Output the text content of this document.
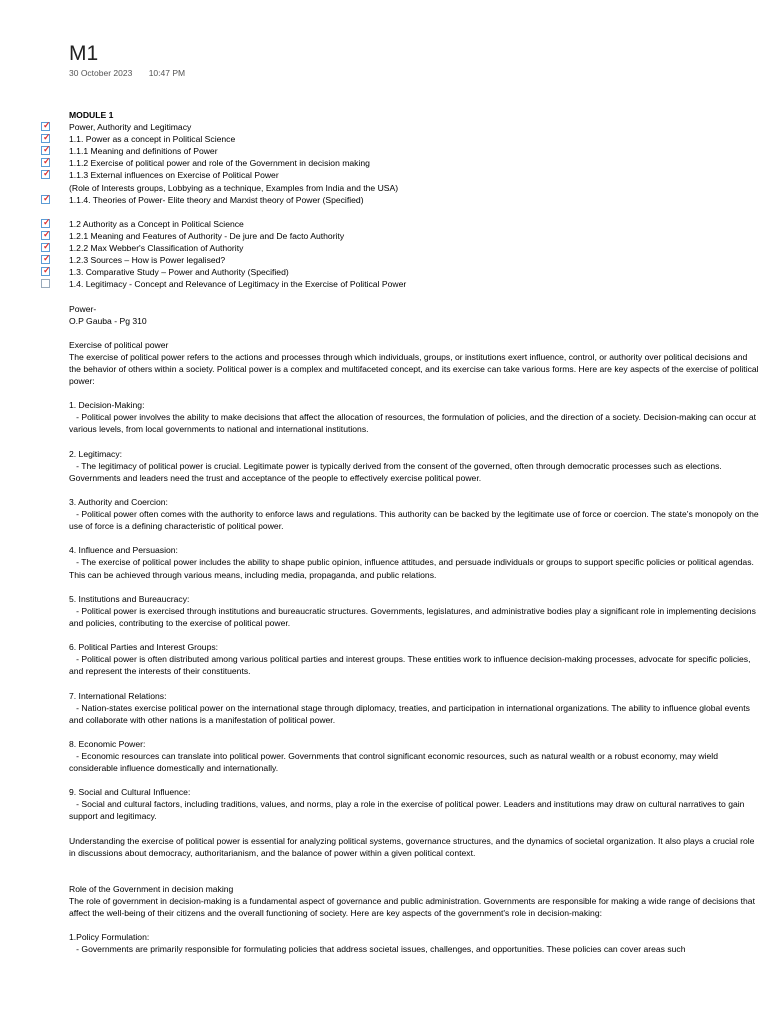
M1
30 October 2023 10:47 PM
MODULE 1
✓ Power, Authority and Legitimacy
✓ 1.1. Power as a concept in Political Science
✓ 1.1.1 Meaning and definitions of Power
✓ 1.1.2 Exercise of political power and role of the Government in decision making
✓ 1.1.3 External influences on Exercise of Political Power
(Role of Interests groups, Lobbying as a technique, Examples from India and the USA)
✓ 1.1.4. Theories of Power- Elite theory and Marxist theory of Power (Specified)
✓ 1.2 Authority as a Concept in Political Science
✓ 1.2.1 Meaning and Features of Authority - De jure and De facto Authority
✓ 1.2.2 Max Webber's Classification of Authority
✓ 1.2.3 Sources – How is Power legalised?
✓ 1.3. Comparative Study – Power and Authority (Specified)
1.4. Legitimacy - Concept and Relevance of Legitimacy in the Exercise of Political Power
Power-
O.P Gauba - Pg 310
Exercise of political power
The exercise of political power refers to the actions and processes through which individuals, groups, or institutions exert influence, control, or authority over political decisions and the behavior of others within a society. Political power is a complex and multifaceted concept, and its exercise can take various forms. Here are key aspects of the exercise of political power:
1. Decision-Making:
- Political power involves the ability to make decisions that affect the allocation of resources, the formulation of policies, and the direction of a society. Decision-making can occur at various levels, from local governments to national and international institutions.
2. Legitimacy:
- The legitimacy of political power is crucial. Legitimate power is typically derived from the consent of the governed, often through democratic processes such as elections. Governments and leaders need the trust and acceptance of the people to effectively exercise political power.
3. Authority and Coercion:
- Political power often comes with the authority to enforce laws and regulations. This authority can be backed by the legitimate use of force or coercion. The state's monopoly on the use of force is a defining characteristic of political power.
4. Influence and Persuasion:
- The exercise of political power includes the ability to shape public opinion, influence attitudes, and persuade individuals or groups to support specific policies or political agendas. This can be achieved through various means, including media, propaganda, and public relations.
5. Institutions and Bureaucracy:
- Political power is exercised through institutions and bureaucratic structures. Governments, legislatures, and administrative bodies play a significant role in implementing decisions and policies, contributing to the exercise of political power.
6. Political Parties and Interest Groups:
- Political power is often distributed among various political parties and interest groups. These entities work to influence decision-making processes, advocate for specific policies, and represent the interests of their constituents.
7. International Relations:
- Nation-states exercise political power on the international stage through diplomacy, treaties, and participation in international organizations. The ability to influence global events and collaborate with other nations is a manifestation of political power.
8. Economic Power:
- Economic resources can translate into political power. Governments that control significant economic resources, such as natural wealth or a robust economy, may wield considerable influence domestically and internationally.
9. Social and Cultural Influence:
- Social and cultural factors, including traditions, values, and norms, play a role in the exercise of political power. Leaders and institutions may draw on cultural narratives to gain support and legitimacy.
Understanding the exercise of political power is essential for analyzing political systems, governance structures, and the dynamics of societal organization. It also plays a crucial role in discussions about democracy, authoritarianism, and the balance of power within a given political context.
Role of the Government in decision making
The role of government in decision-making is a fundamental aspect of governance and public administration. Governments are responsible for making a wide range of decisions that affect the well-being of their citizens and the overall functioning of society. Here are key aspects of the government's role in decision-making:
1.Policy Formulation:
- Governments are primarily responsible for formulating policies that address societal issues, challenges, and opportunities. These policies can cover areas such
